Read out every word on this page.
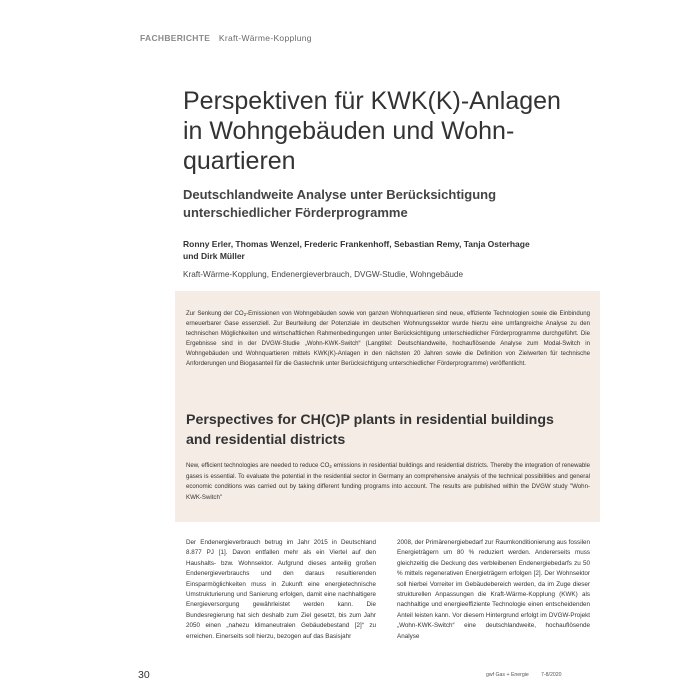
FACHBERICHTE Kraft-Wärme-Kopplung
Perspektiven für KWK(K)-Anlagen in Wohngebäuden und Wohn-quartieren
Deutschlandweite Analyse unter Berücksichtigung unterschiedlicher Förderprogramme

Ronny Erler, Thomas Wenzel, Frederic Frankenhoff, Sebastian Remy, Tanja Osterhage und Dirk Müller

Kraft-Wärme-Kopplung, Endenergieverbrauch, DVGW-Studie, Wohngebäude

Zur Senkung der $CO_2$-Emissionen von Wohngebäuden sowie von ganzen Wohnquartieren sind neue, effiziente Technologien sowie die Einbindung erneuerbarer Gase essenziell. Zur Beurteilung der Potenziale im deutschen Wohnungssektor wurde hierzu eine umfangreiche Analyse zu den technischen Möglichkeiten und wirtschaftlichen Rahmenbedingungen unter Berücksichtigung unterschiedlicher Förderprogramme durchgeführt. Die Ergebnisse sind in der DVGW-Studie „Wohn-KWK-Switch“ (Langtitel: Deutschlandweite, hochauflösende Analyse zum Modal-Switch in Wohngebäuden und Wohnquartieren mittels KWK(K)-Anlagen in den nächsten 20 Jahren sowie die Definition von Zielwerten für technische Anforderungen und Biogasanteil für die Gastechnik unter Berücksichtigung unterschiedlicher Förderprogramme) veröffentlicht.

Perspectives for CH(C)P plants in residential buildings and residential districts

New, efficient technologies are needed to reduce $CO_2$ emissions in residential buildings and residential districts. Thereby the integration of renewable gases is essential. To evaluate the potential in the residential sector in Germany an comprehensive analysis of the technical possibilities and general economic conditions was carried out by taking different funding programs into account. The results are published within the DVGW study "Wohn-KWK-Switch"

Der Endenergieverbrauch betrug im Jahr 2015 in Deutschland 8.877 PJ [1]. Davon entfallen mehr als ein Viertel auf den Haushalts- bzw. Wohnsektor. Aufgrund dieses anteilig großen Endenergieverbrauchs und den daraus resultierenden Einsparmöglichkeiten muss in Zukunft eine energietechnische Umstrukturierung und Sanierung erfolgen, damit eine nachhaltigere Energieversorgung gewährleistet werden kann. Die Bundesregierung hat sich deshalb zum Ziel gesetzt, bis zum Jahr 2050 einen „nahezu klimaneutralen Gebäudebestand [2]“ zu erreichen. Einerseits soll hierzu, bezogen auf das Basisjahr

2008, der Primärenergiebedarf zur Raumkonditionierung aus fossilen Energieträgern um 80 % reduziert werden. Andererseits muss gleichzeitig die Deckung des verbleibenen Endenergiebedarfs zu 50 % mittels regenerativen Energieträgern erfolgen [2]. Der Wohnsektor soll hierbei Vorreiter im Gebäudebereich werden, da im Zuge dieser strukturellen Anpassungen die Kraft-Wärme-Kopplung (KWK) als nachhaltige und energieeffiziente Technologie einen entscheidenden Anteil leisten kann. Vor diesem Hintergrund erfolgt im DVGW-Projekt „Wohn-KWK-Switch“ eine deutschlandweite, hochauflösende Analyse

30	gwf Gas + Energie 7-8/2020
